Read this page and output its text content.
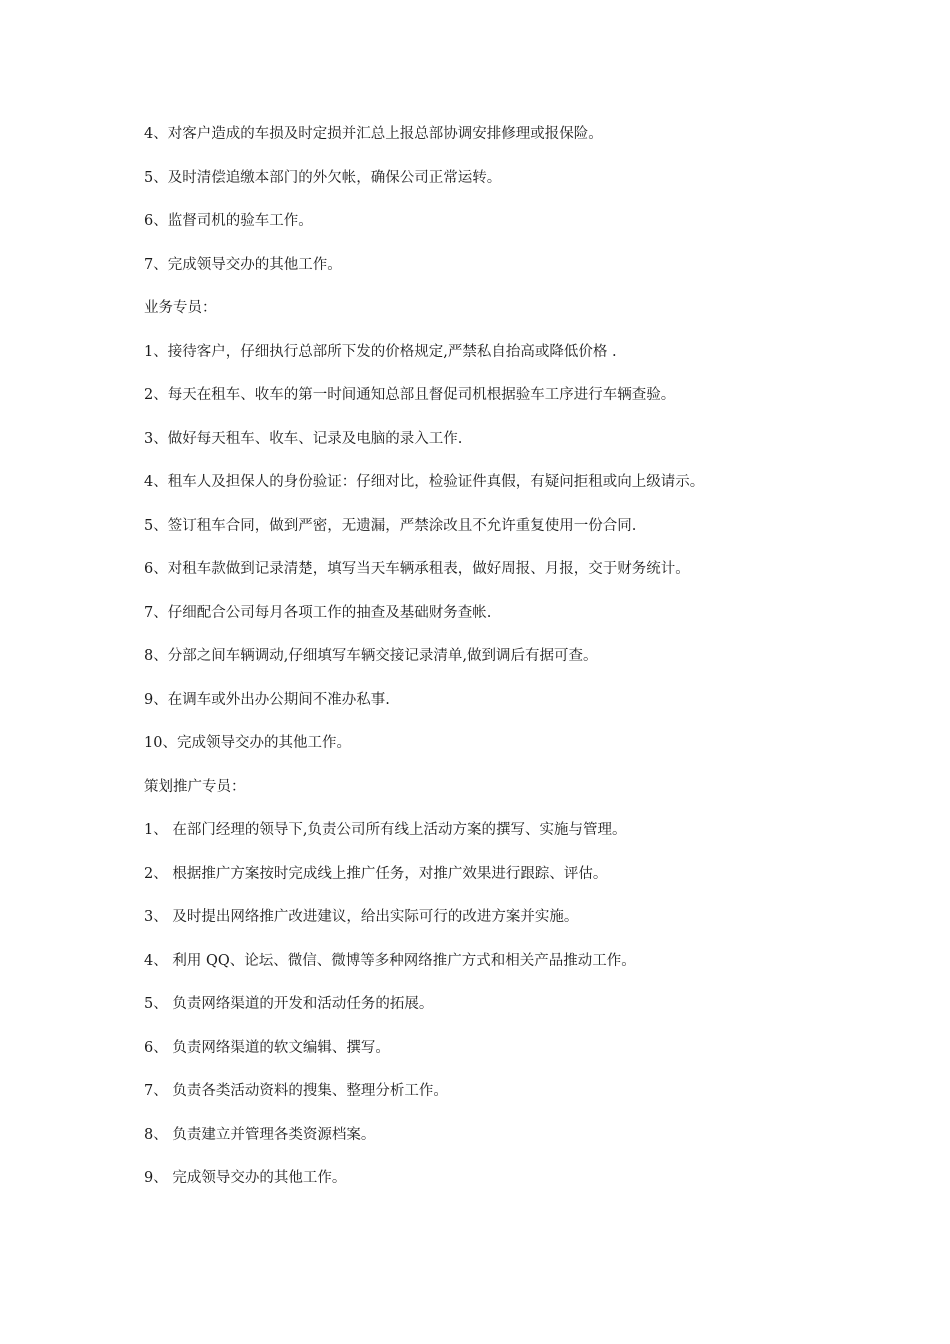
4、对客户造成的车损及时定损并汇总上报总部协调安排修理或报保险。

5、及时清偿追缴本部门的外欠帐，确保公司正常运转。

6、监督司机的验车工作。

7、完成领导交办的其他工作。

业务专员：

1、接待客户，仔细执行总部所下发的价格规定,严禁私自抬高或降低价格 .

2、每天在租车、收车的第一时间通知总部且督促司机根据验车工序进行车辆查验。

3、做好每天租车、收车、记录及电脑的录入工作.

4、租车人及担保人的身份验证：仔细对比，检验证件真假，有疑问拒租或向上级请示。

5、签订租车合同，做到严密，无遗漏，严禁涂改且不允许重复使用一份合同.

6、对租车款做到记录清楚，填写当天车辆承租表，做好周报、月报，交于财务统计。

7、仔细配合公司每月各项工作的抽查及基础财务查帐.

8、分部之间车辆调动,仔细填写车辆交接记录清单,做到调后有据可查。

9、在调车或外出办公期间不准办私事.

10、完成领导交办的其他工作。

策划推广专员：

1、 在部门经理的领导下,负责公司所有线上活动方案的撰写、实施与管理。

2、 根据推广方案按时完成线上推广任务，对推广效果进行跟踪、评估。

3、 及时提出网络推广改进建议，给出实际可行的改进方案并实施。

4、 利用 QQ、论坛、微信、微博等多种网络推广方式和相关产品推动工作。

5、 负责网络渠道的开发和活动任务的拓展。

6、 负责网络渠道的软文编辑、撰写。

7、 负责各类活动资料的搜集、整理分析工作。

8、 负责建立并管理各类资源档案。

9、 完成领导交办的其他工作。
